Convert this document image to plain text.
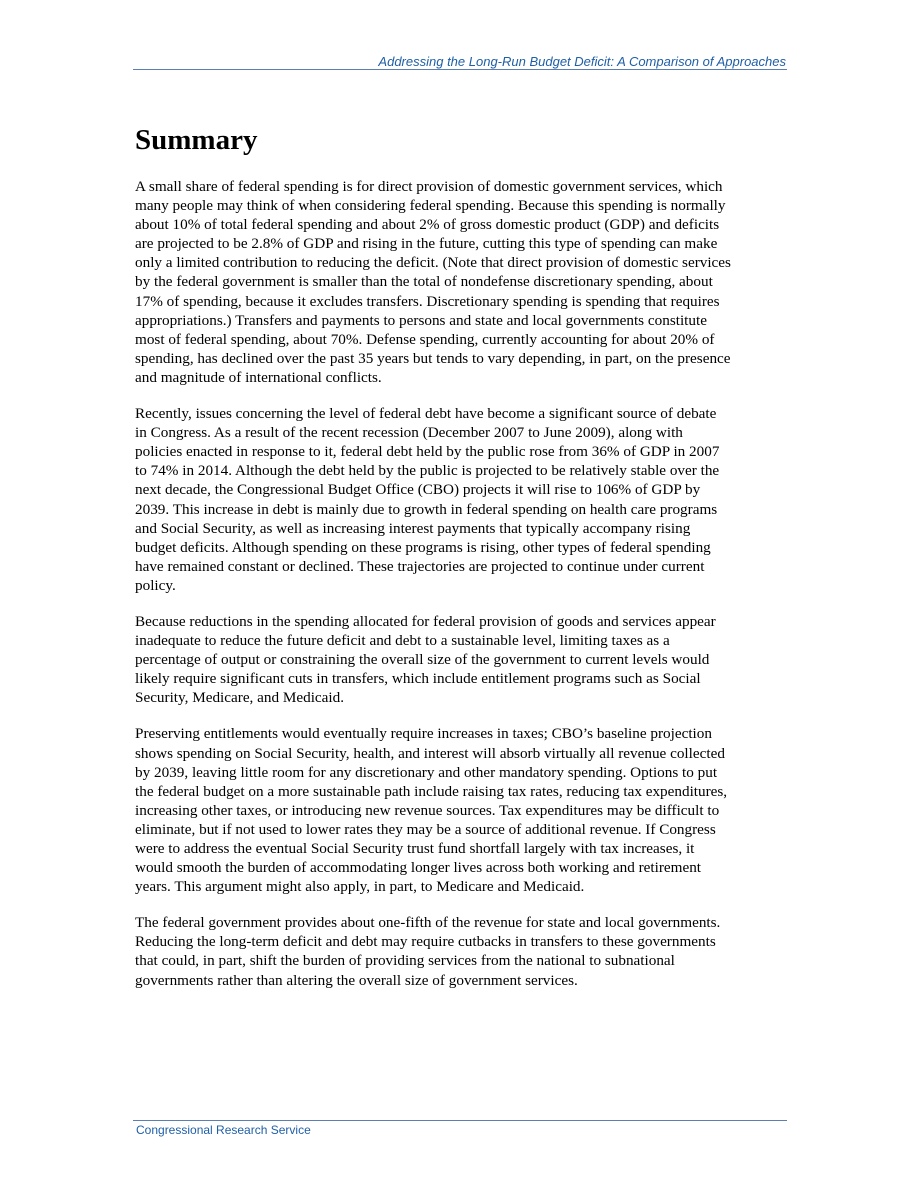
Addressing the Long-Run Budget Deficit: A Comparison of Approaches
Summary

A small share of federal spending is for direct provision of domestic government services, which
many people may think of when considering federal spending. Because this spending is normally
about 10% of total federal spending and about 2% of gross domestic product (GDP) and deficits
are projected to be 2.8% of GDP and rising in the future, cutting this type of spending can make
only a limited contribution to reducing the deficit. (Note that direct provision of domestic services
by the federal government is smaller than the total of nondefense discretionary spending, about
17% of spending, because it excludes transfers. Discretionary spending is spending that requires
appropriations.) Transfers and payments to persons and state and local governments constitute
most of federal spending, about 70%. Defense spending, currently accounting for about 20% of
spending, has declined over the past 35 years but tends to vary depending, in part, on the presence
and magnitude of international conflicts.

Recently, issues concerning the level of federal debt have become a significant source of debate
in Congress. As a result of the recent recession (December 2007 to June 2009), along with
policies enacted in response to it, federal debt held by the public rose from 36% of GDP in 2007
to 74% in 2014. Although the debt held by the public is projected to be relatively stable over the
next decade, the Congressional Budget Office (CBO) projects it will rise to 106% of GDP by
2039. This increase in debt is mainly due to growth in federal spending on health care programs
and Social Security, as well as increasing interest payments that typically accompany rising
budget deficits. Although spending on these programs is rising, other types of federal spending
have remained constant or declined. These trajectories are projected to continue under current
policy.

Because reductions in the spending allocated for federal provision of goods and services appear
inadequate to reduce the future deficit and debt to a sustainable level, limiting taxes as a
percentage of output or constraining the overall size of the government to current levels would
likely require significant cuts in transfers, which include entitlement programs such as Social
Security, Medicare, and Medicaid.

Preserving entitlements would eventually require increases in taxes; CBO’s baseline projection
shows spending on Social Security, health, and interest will absorb virtually all revenue collected
by 2039, leaving little room for any discretionary and other mandatory spending. Options to put
the federal budget on a more sustainable path include raising tax rates, reducing tax expenditures,
increasing other taxes, or introducing new revenue sources. Tax expenditures may be difficult to
eliminate, but if not used to lower rates they may be a source of additional revenue. If Congress
were to address the eventual Social Security trust fund shortfall largely with tax increases, it
would smooth the burden of accommodating longer lives across both working and retirement
years. This argument might also apply, in part, to Medicare and Medicaid.

The federal government provides about one-fifth of the revenue for state and local governments.
Reducing the long-term deficit and debt may require cutbacks in transfers to these governments
that could, in part, shift the burden of providing services from the national to subnational
governments rather than altering the overall size of government services.

Congressional Research Service
